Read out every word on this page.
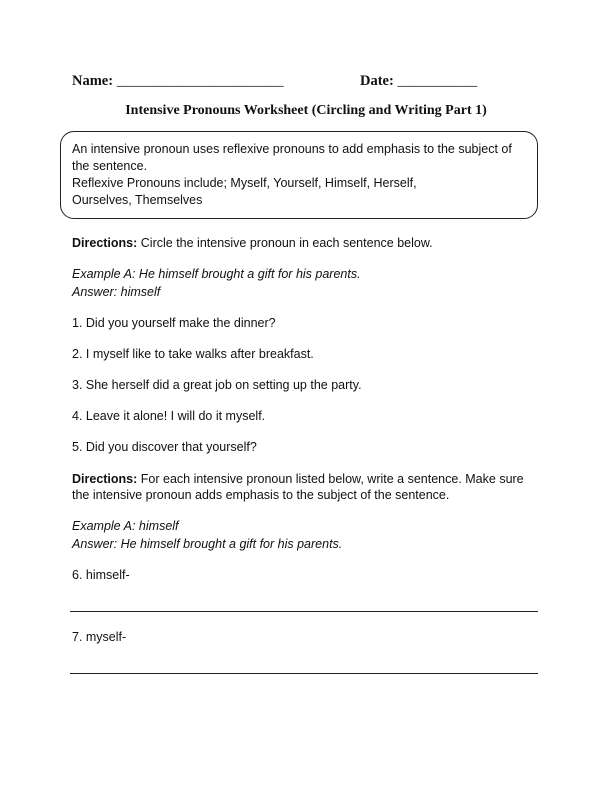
Name: _______________________	Date: ___________
Intensive Pronouns Worksheet (Circling and Writing Part 1)
An intensive pronoun uses reflexive pronouns to add emphasis to the subject of the sentence.
Reflexive Pronouns include; Myself, Yourself, Himself, Herself, Ourselves, Themselves
Directions: Circle the intensive pronoun in each sentence below.
Example A: He himself brought a gift for his parents.
Answer: himself
1. Did you yourself make the dinner?
2. I myself like to take walks after breakfast.
3. She herself did a great job on setting up the party.
4. Leave it alone! I will do it myself.
5. Did you discover that yourself?
Directions: For each intensive pronoun listed below, write a sentence. Make sure the intensive pronoun adds emphasis to the subject of the sentence.
Example A: himself
Answer: He himself brought a gift for his parents.
6. himself-
7. myself-
